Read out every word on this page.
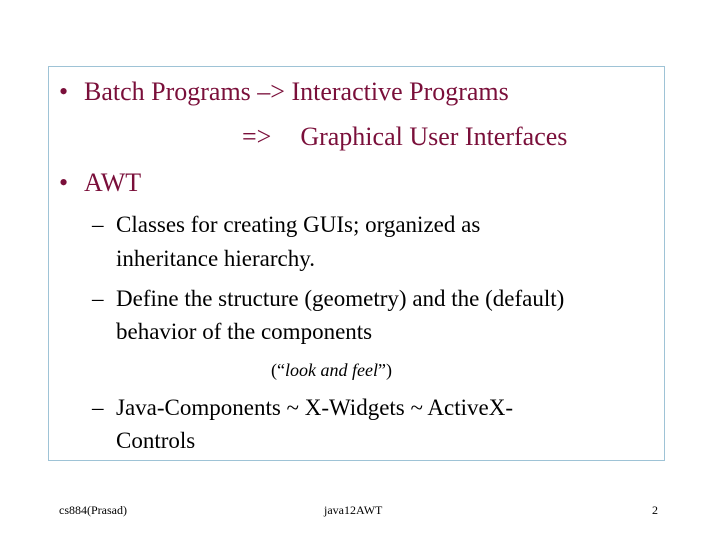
• Batch Programs –> Interactive Programs
=> Graphical User Interfaces
• AWT
– Classes for creating GUIs; organized as
inheritance hierarchy.
– Define the structure (geometry) and the (default)
behavior of the components
(“look and feel”)
– Java-Components ~ X-Widgets ~ ActiveX-
Controls
cs884(Prasad)	java12AWT	2
